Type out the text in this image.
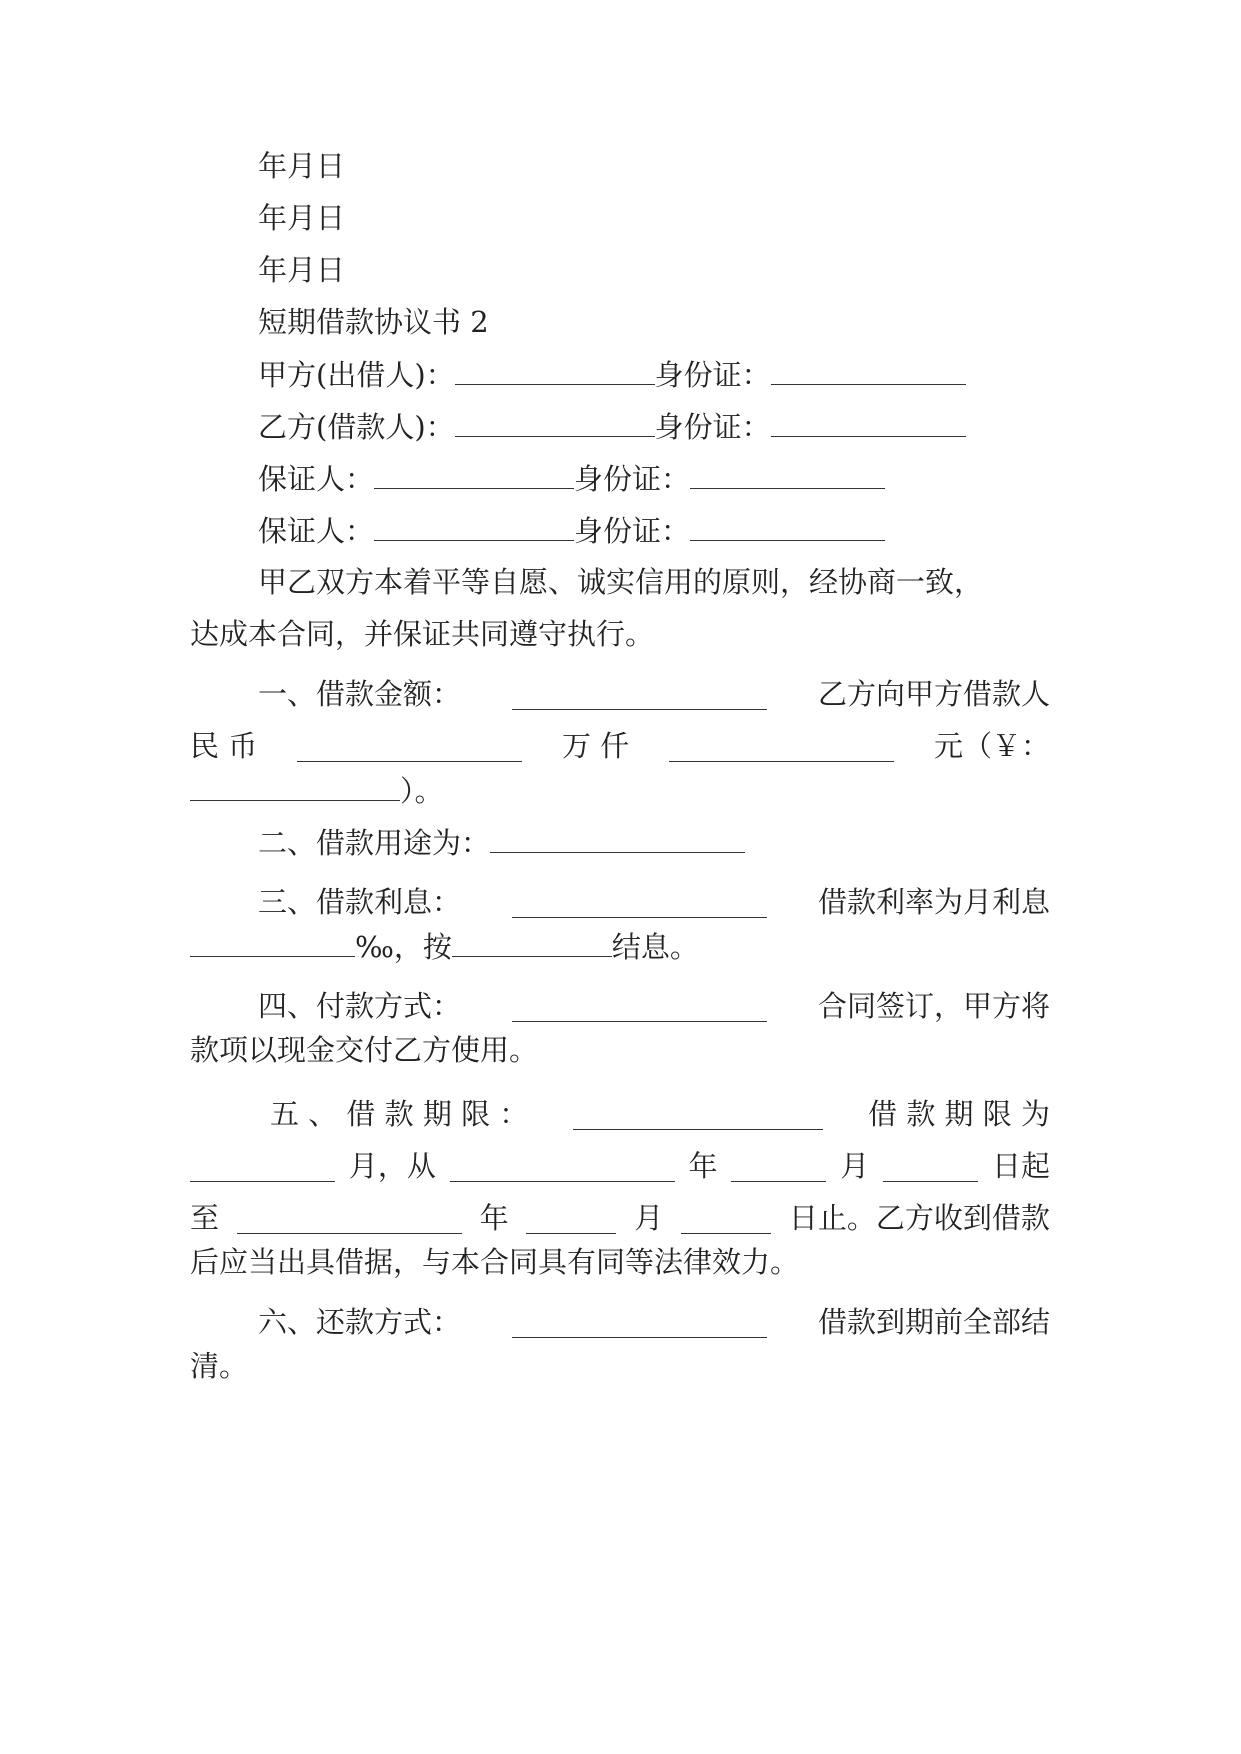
年月日
年月日
年月日
短期借款协议书 2
甲方(出借人)：	身份证：
乙方(借款人)：	身份证：
保证人：	身份证：
保证人：	身份证：
甲乙双方本着平等自愿、诚实信用的原则，经协商一致，
达成本合同，并保证共同遵守执行。
一、借款金额：	乙方向甲方借款人
民 币	万 仟	元（￥：
）。
二、借款用途为：
三、借款利息：	借款利率为月利息
‰，按	结息。
四、付款方式：	合同签订，甲方将
款项以现金交付乙方使用。
五 、 借 款 期 限 ：	借 款 期 限 为
月，从	年	月	日起
至	年	月	日止。乙方收到借款
后应当出具借据，与本合同具有同等法律效力。
六、还款方式：	借款到期前全部结
清。
